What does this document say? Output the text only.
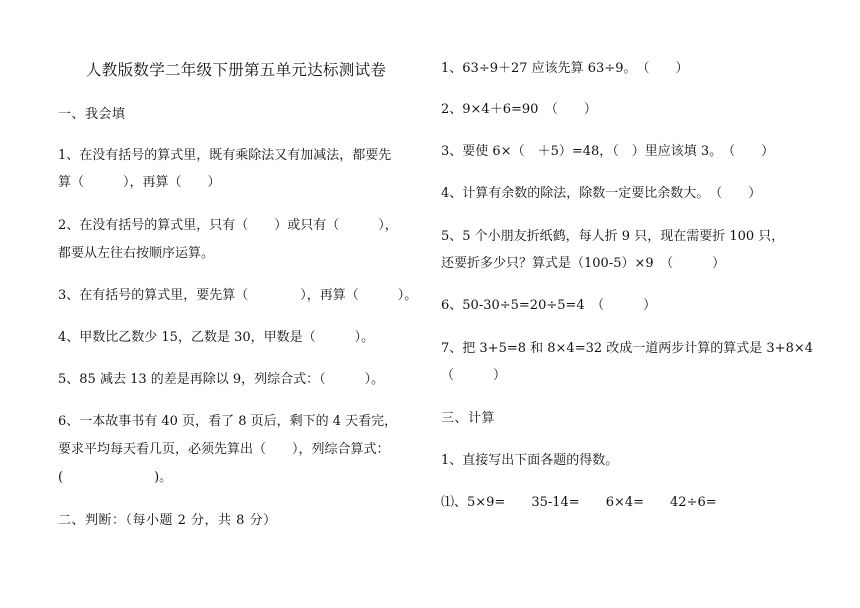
人教版数学二年级下册第五单元达标测试卷
一、我会填
1、在没有括号的算式里，既有乘除法又有加减法，都要先
算（　　　），再算（　　）
2、在没有括号的算式里，只有（　　）或只有（　　　），
都要从左往右按顺序运算。
3、在有括号的算式里，要先算（　　　　），再算（　　　）。
4、甲数比乙数少 15，乙数是 30，甲数是（　　　）。
5、85 减去 13 的差是再除以 9，列综合式：（　　　）。
6、一本故事书有 40 页，看了 8 页后，剩下的 4 天看完，
要求平均每天看几页，必须先算出（　　），列综合算式：
(　　　　　　　)。
二、判断：（每小题 2 分，共 8 分）
1、63÷9＋27 应该先算 63÷9。　（　　）
2、9×4＋6=90　（　　）
3、要使 6×（　＋5）=48，（　）里应该填 3。　（　　）
4、计算有余数的除法，除数一定要比余数大。　（　　）
5、5 个小朋友折纸鹤，每人折 9 只，现在需要折 100 只，
还要折多少只？算式是（100-5）×9　（　　　）
6、50-30÷5=20÷5=4　（　　　）
7、把 3+5=8 和 8×4=32 改成一道两步计算的算式是 3+8×4
（　　　）
三、计算
1、直接写出下面各题的得数。
⑴、5×9=　　35-14=　　6×4=　　42÷6=
